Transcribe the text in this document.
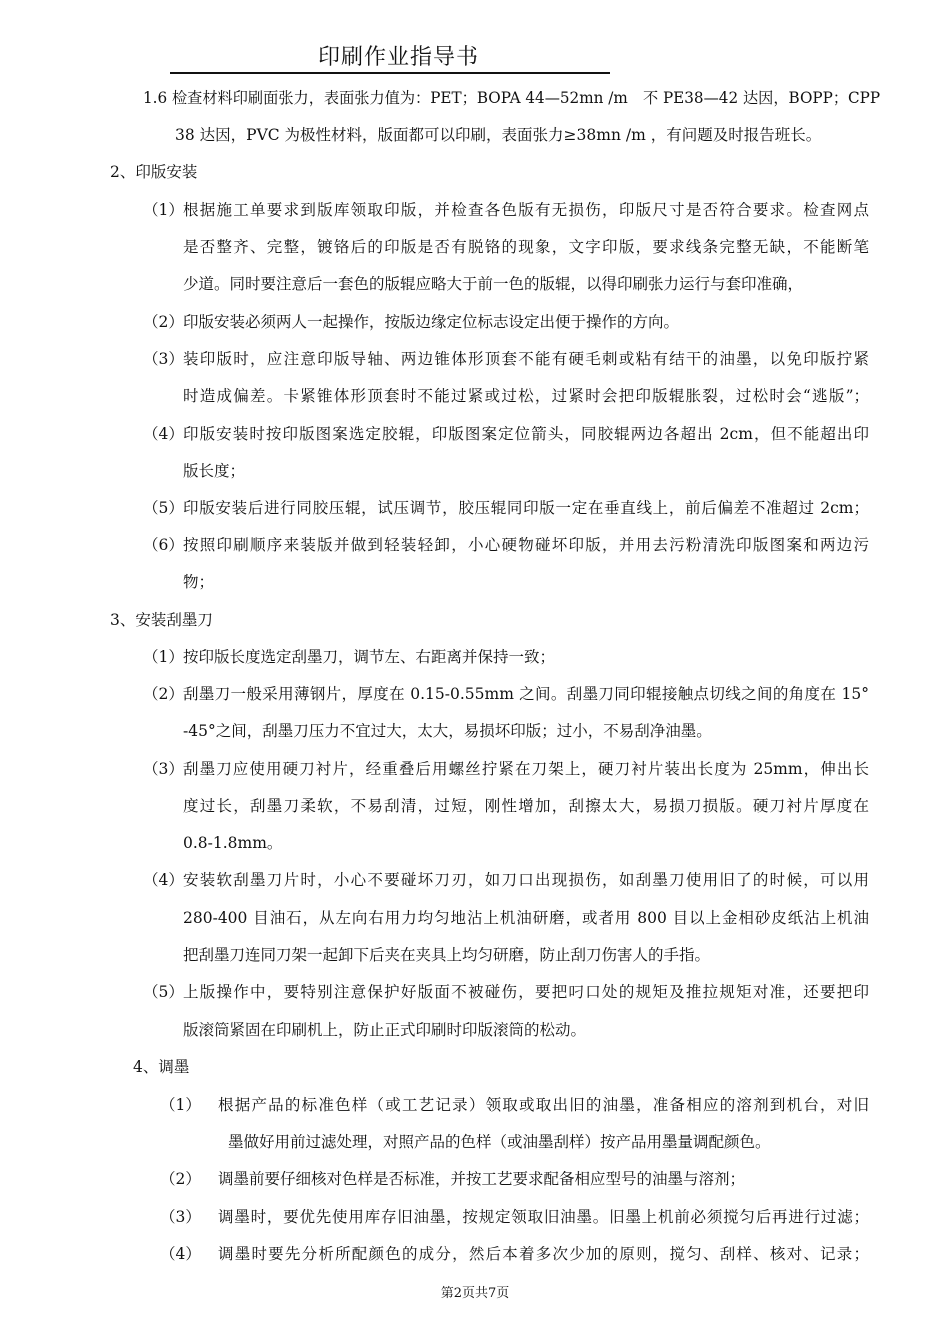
印刷作业指导书
1.6 检查材料印刷面张力，表面张力值为：PET；BOPA 44—52mn /m　不 PE38—42 达因，BOPP；CPP
38 达因，PVC 为极性材料，版面都可以印刷，表面张力≥38mn /m ，有问题及时报告班长。
2、印版安装
（1） 根据施工单要求到版库领取印版，并检查各色版有无损伤，印版尺寸是否符合要求。检查网点
是否整齐、完整，镀铬后的印版是否有脱铬的现象，文字印版，要求线条完整无缺，不能断笔
少道。同时要注意后一套色的版辊应略大于前一色的版辊，以得印刷张力运行与套印准确，
（2） 印版安装必须两人一起操作，按版边缘定位标志设定出便于操作的方向。
（3） 装印版时，应注意印版导轴、两边锥体形顶套不能有硬毛刺或粘有结干的油墨，以免印版拧紧
时造成偏差。卡紧锥体形顶套时不能过紧或过松，过紧时会把印版辊胀裂，过松时会“逃版”；
（4） 印版安装时按印版图案选定胶辊，印版图案定位箭头，同胶辊两边各超出 2cm，但不能超出印
版长度；
（5） 印版安装后进行同胶压辊，试压调节，胶压辊同印版一定在垂直线上，前后偏差不准超过 2cm；
（6） 按照印刷顺序来装版并做到轻装轻卸，小心硬物碰坏印版，并用去污粉清洗印版图案和两边污
物；
3、安装刮墨刀
（1） 按印版长度选定刮墨刀，调节左、右距离并保持一致；
（2） 刮墨刀一般采用薄钢片，厚度在 0.15-0.55mm 之间。刮墨刀同印辊接触点切线之间的角度在 15°
-45°之间，刮墨刀压力不宜过大，太大，易损坏印版；过小，不易刮净油墨。
（3） 刮墨刀应使用硬刀衬片，经重叠后用螺丝拧紧在刀架上，硬刀衬片装出长度为 25mm，伸出长
度过长，刮墨刀柔软，不易刮清，过短，刚性增加，刮擦太大，易损刀损版。硬刀衬片厚度在
0.8-1.8mm。
（4） 安装软刮墨刀片时，小心不要碰坏刀刃，如刀口出现损伤，如刮墨刀使用旧了的时候，可以用
280-400 目油石，从左向右用力均匀地沾上机油研磨，或者用 800 目以上金相砂皮纸沾上机油
把刮墨刀连同刀架一起卸下后夹在夹具上均匀研磨，防止刮刀伤害人的手指。
（5） 上版操作中，要特别注意保护好版面不被碰伤，要把叼口处的规矩及推拉规矩对准，还要把印
版滚筒紧固在印刷机上，防止正式印刷时印版滚筒的松动。
4、调墨
（1） 根据产品的标准色样（或工艺记录）领取或取出旧的油墨，准备相应的溶剂到机台，对旧
墨做好用前过滤处理，对照产品的色样（或油墨刮样）按产品用墨量调配颜色。
（2） 调墨前要仔细核对色样是否标准，并按工艺要求配备相应型号的油墨与溶剂；
（3） 调墨时，要优先使用库存旧油墨，按规定领取旧油墨。旧墨上机前必须搅匀后再进行过滤；
（4） 调墨时要先分析所配颜色的成分，然后本着多次少加的原则，搅匀、刮样、核对、记录；
第2页共7页
